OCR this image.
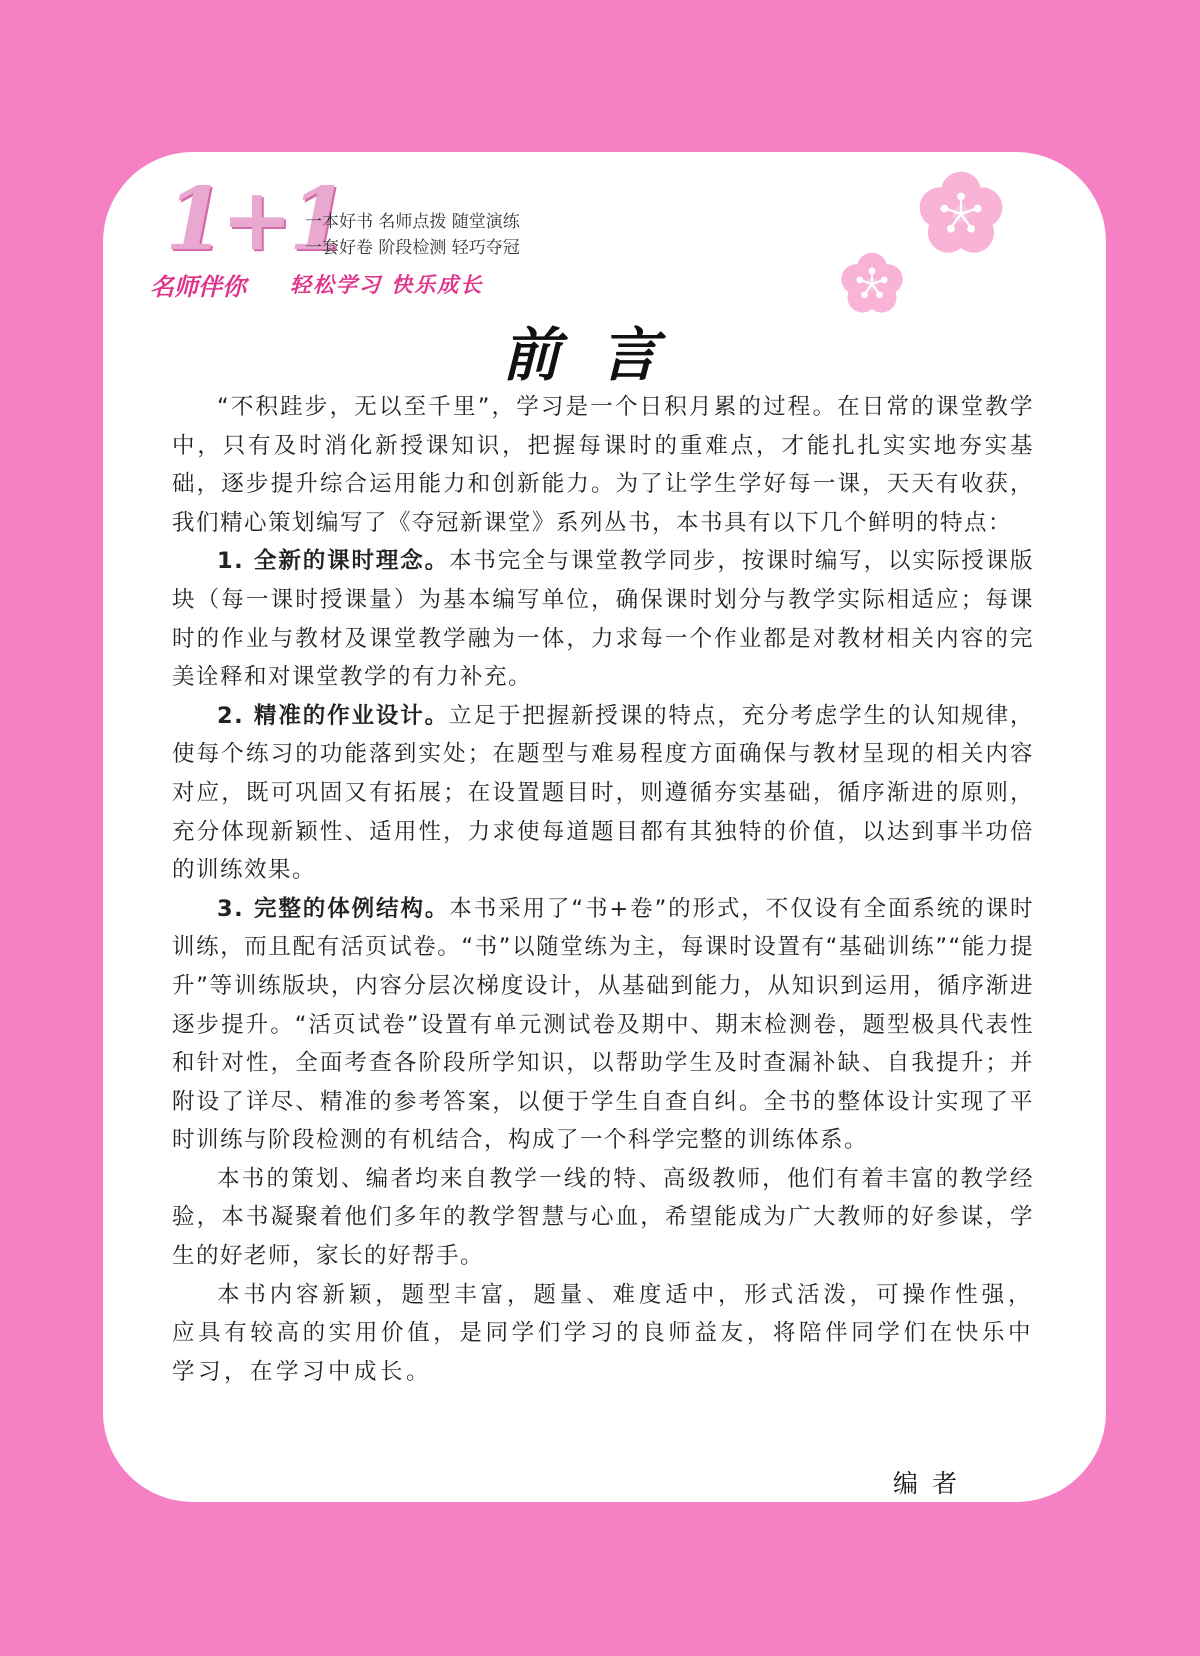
1+1
一本好书 名师点拨 随堂演练
一套好卷 阶段检测 轻巧夺冠
名师伴你 轻松学习 快乐成长
前言

“不积跬步，无以至千里”，学习是一个日积月累的过程。在日常的课堂教学中，只有及时消化新授课知识，把握每课时的重难点，才能扎扎实实地夯实基础，逐步提升综合运用能力和创新能力。为了让学生学好每一课，天天有收获，我们精心策划编写了《夺冠新课堂》系列丛书，本书具有以下几个鲜明的特点：

1. 全新的课时理念。本书完全与课堂教学同步，按课时编写，以实际授课版块（每一课时授课量）为基本编写单位，确保课时划分与教学实际相适应；每课时的作业与教材及课堂教学融为一体，力求每一个作业都是对教材相关内容的完美诠释和对课堂教学的有力补充。

2. 精准的作业设计。立足于把握新授课的特点，充分考虑学生的认知规律，使每个练习的功能落到实处；在题型与难易程度方面确保与教材呈现的相关内容对应，既可巩固又有拓展；在设置题目时，则遵循夯实基础，循序渐进的原则，充分体现新颖性、适用性，力求使每道题目都有其独特的价值，以达到事半功倍的训练效果。

3. 完整的体例结构。本书采用了“书+卷”的形式，不仅设有全面系统的课时训练，而且配有活页试卷。“书”以随堂练为主，每课时设置有“基础训练”“能力提升”等训练版块，内容分层次梯度设计，从基础到能力，从知识到运用，循序渐进逐步提升。“活页试卷”设置有单元测试卷及期中、期末检测卷，题型极具代表性和针对性，全面考查各阶段所学知识，以帮助学生及时查漏补缺、自我提升；并附设了详尽、精准的参考答案，以便于学生自查自纠。全书的整体设计实现了平时训练与阶段检测的有机结合，构成了一个科学完整的训练体系。

本书的策划、编者均来自教学一线的特、高级教师，他们有着丰富的教学经验，本书凝聚着他们多年的教学智慧与心血，希望能成为广大教师的好参谋，学生的好老师，家长的好帮手。

本书内容新颖，题型丰富，题量、难度适中，形式活泼，可操作性强，应具有较高的实用价值，是同学们学习的良师益友，将陪伴同学们在快乐中学习，在学习中成长。

编者
